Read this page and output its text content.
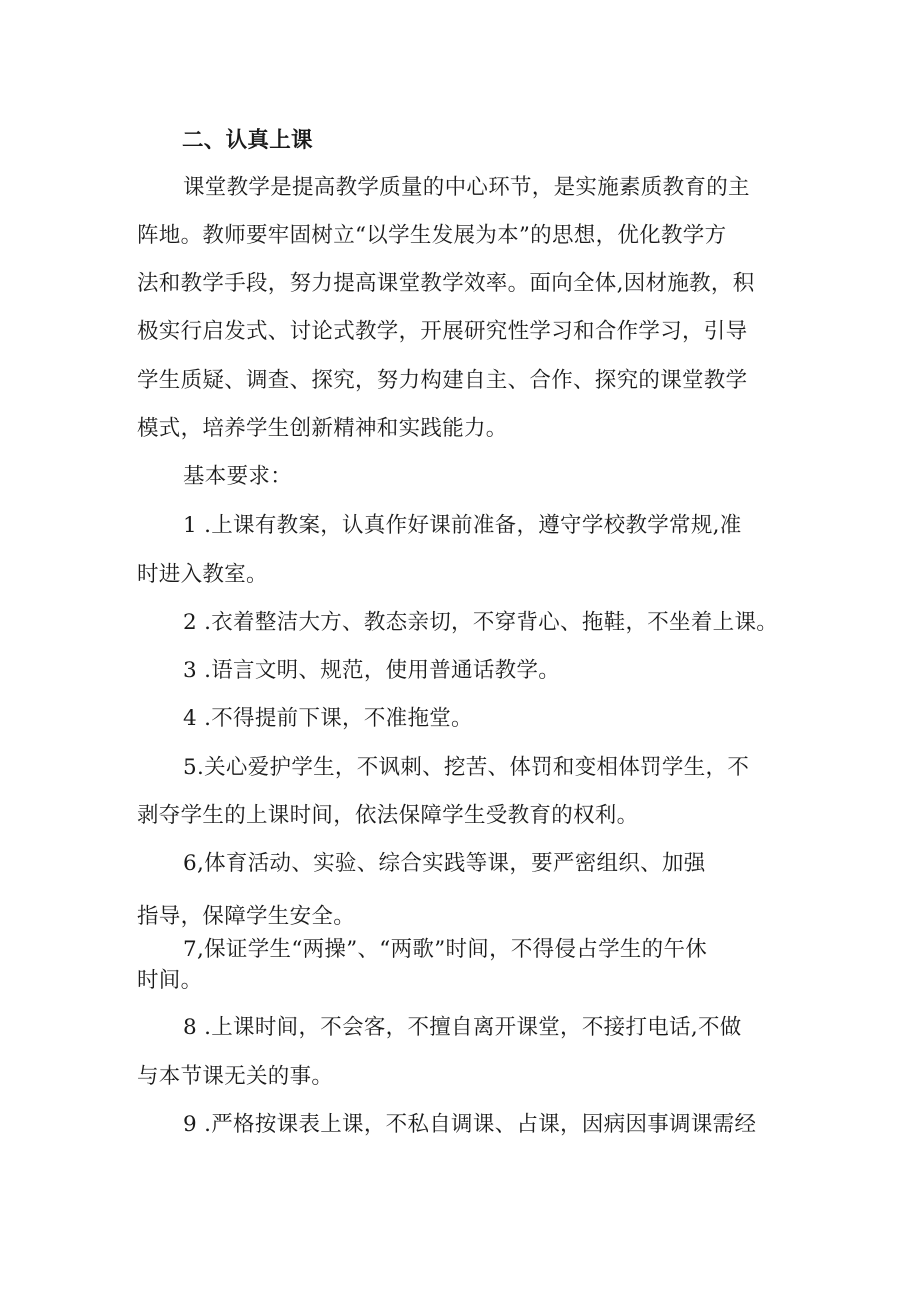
二、认真上课
课堂教学是提高教学质量的中心环节，是实施素质教育的主
阵地。教师要牢固树立“以学生发展为本”的思想，优化教学方
法和教学手段，努力提高课堂教学效率。面向全体,因材施教，积
极实行启发式、讨论式教学，开展研究性学习和合作学习，引导
学生质疑、调查、探究，努力构建自主、合作、探究的课堂教学
模式，培养学生创新精神和实践能力。
基本要求：
1 .上课有教案，认真作好课前准备，遵守学校教学常规,准
时进入教室。
2 .衣着整洁大方、教态亲切，不穿背心、拖鞋，不坐着上课。
3 .语言文明、规范，使用普通话教学。
4 .不得提前下课，不准拖堂。
5.关心爱护学生，不讽刺、挖苦、体罚和变相体罚学生，不
剥夺学生的上课时间，依法保障学生受教育的权利。
6,体育活动、实验、综合实践等课，要严密组织、加强
指导，保障学生安全。
7,保证学生“两操”、“两歌”时间，不得侵占学生的午休
时间。
8 .上课时间，不会客，不擅自离开课堂，不接打电话,不做
与本节课无关的事。
9 .严格按课表上课，不私自调课、占课，因病因事调课需经
